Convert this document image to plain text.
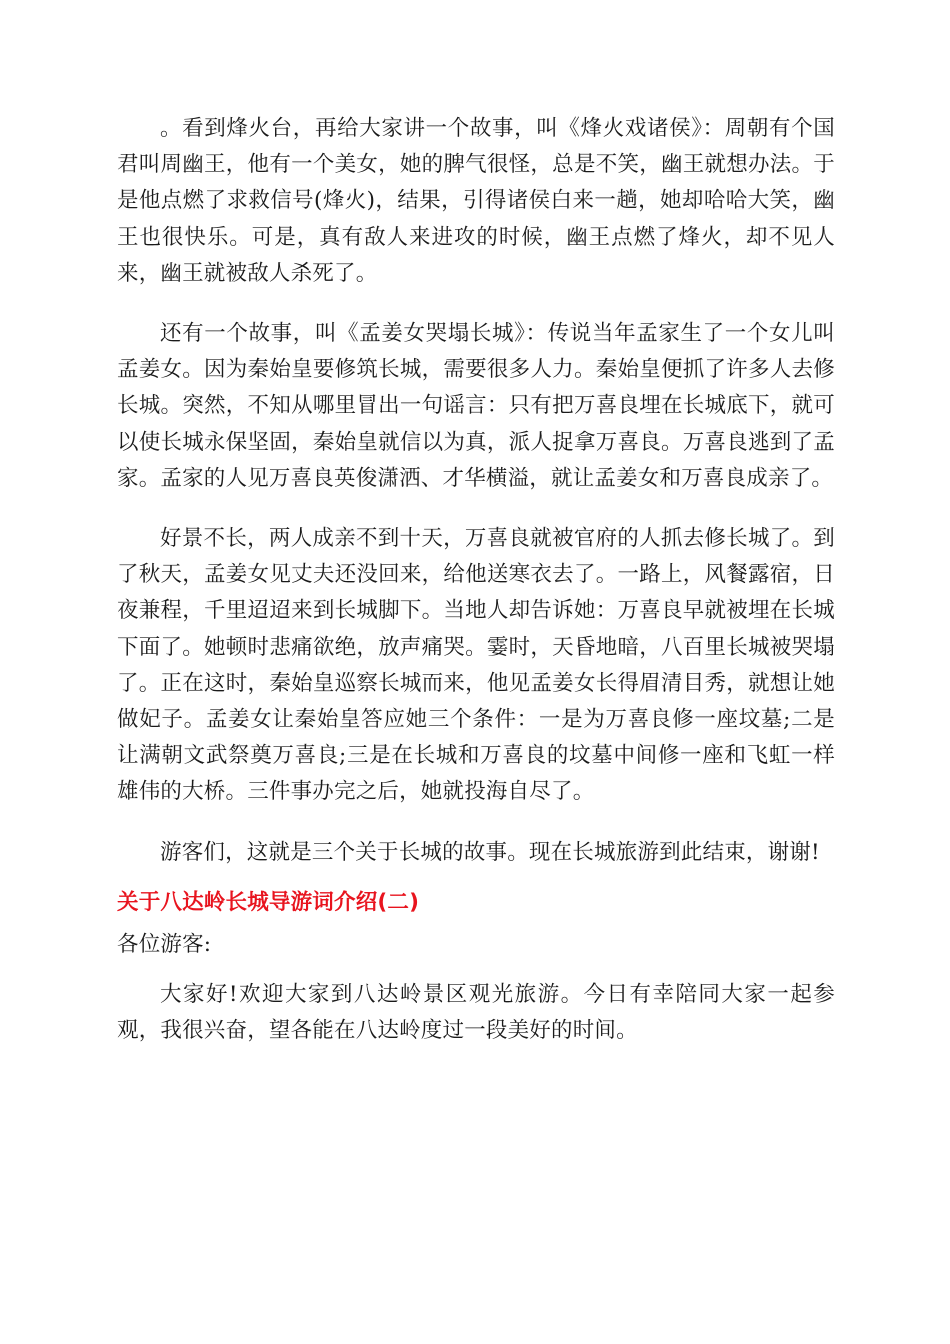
。看到烽火台，再给大家讲一个故事，叫《烽火戏诸侯》：周朝有个国君叫周幽王，他有一个美女，她的脾气很怪，总是不笑，幽王就想办法。于是他点燃了求救信号(烽火)，结果，引得诸侯白来一趟，她却哈哈大笑，幽王也很快乐。可是，真有敌人来进攻的时候，幽王点燃了烽火，却不见人来，幽王就被敌人杀死了。

还有一个故事，叫《孟姜女哭塌长城》：传说当年孟家生了一个女儿叫孟姜女。因为秦始皇要修筑长城，需要很多人力。秦始皇便抓了许多人去修长城。突然，不知从哪里冒出一句谣言：只有把万喜良埋在长城底下，就可以使长城永保坚固，秦始皇就信以为真，派人捉拿万喜良。万喜良逃到了孟家。孟家的人见万喜良英俊潇洒、才华横溢，就让孟姜女和万喜良成亲了。

好景不长，两人成亲不到十天，万喜良就被官府的人抓去修长城了。到了秋天，孟姜女见丈夫还没回来，给他送寒衣去了。一路上，风餐露宿，日夜兼程，千里迢迢来到长城脚下。当地人却告诉她：万喜良早就被埋在长城下面了。她顿时悲痛欲绝，放声痛哭。霎时，天昏地暗，八百里长城被哭塌了。正在这时，秦始皇巡察长城而来，他见孟姜女长得眉清目秀，就想让她做妃子。孟姜女让秦始皇答应她三个条件：一是为万喜良修一座坟墓;二是让满朝文武祭奠万喜良;三是在长城和万喜良的坟墓中间修一座和飞虹一样雄伟的大桥。三件事办完之后，她就投海自尽了。

游客们，这就是三个关于长城的故事。现在长城旅游到此结束，谢谢!

关于八达岭长城导游词介绍(二)

各位游客:

大家好!欢迎大家到八达岭景区观光旅游。今日有幸陪同大家一起参观，我很兴奋，望各能在八达岭度过一段美好的时间。
